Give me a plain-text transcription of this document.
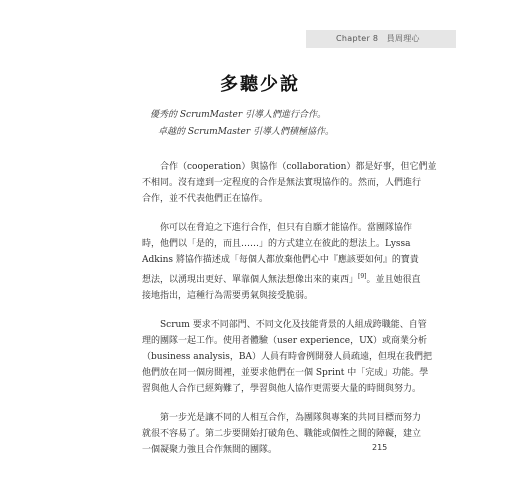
Chapter 8　員周理心
多聽少說
優秀的 ScrumMaster 引導人們進行合作。
卓越的 ScrumMaster 引導人們積極協作。

合作（cooperation）與協作（collaboration）都是好事，但它們並
不相同。沒有達到一定程度的合作是無法實現協作的。然而，人們進行
合作，並不代表他們正在協作。

你可以在脅迫之下進行合作，但只有自願才能協作。當團隊協作
時，他們以「是的，而且……」的方式建立在彼此的想法上。Lyssa
Adkins 將協作描述成「每個人都放棄他們心中『應該要如何』的寶貴
想法，以湧現出更好、單靠個人無法想像出來的東西」[9]。並且她很直
接地指出，這種行為需要勇氣與接受脆弱。

Scrum 要求不同部門、不同文化及技能背景的人組成跨職能、自管
理的團隊一起工作。使用者體驗（user experience，UX）或商業分析
（business analysis，BA）人員有時會例開發人員疏遠，但現在我們把
他們放在同一個房間裡，並要求他們在一個 Sprint 中「完成」功能。學
習與他人合作已經夠難了，學習與他人協作更需要大量的時間與努力。

第一步光是讓不同的人相互合作，為團隊與專案的共同目標而努力
就很不容易了。第二步要開始打破角色、職能或個性之間的障礙，建立
一個凝聚力強且合作無間的團隊。	215
